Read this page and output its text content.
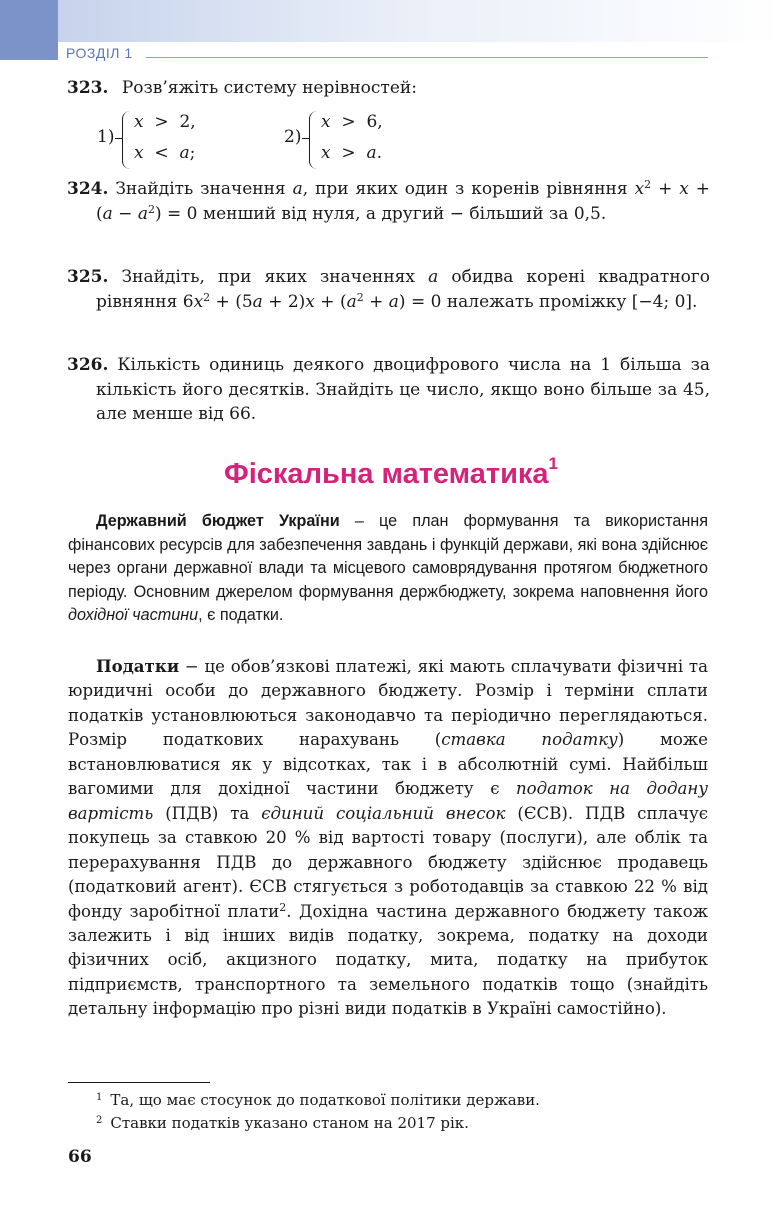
РОЗДІЛ 1
323. Розв’яжіть систему нерівностей:
1)
x > 2,
x < a;
2)
x > 6,
x > a.
324. Знайдіть значення a, при яких один з коренів рівняння $x^2 + x + (a - a^2) = 0$ менший від нуля, а другий − більший за 0,5.
325. Знайдіть, при яких значеннях a обидва корені квадратного рівняння $6x^2 + (5a + 2)x + (a^2 + a) = 0$ належать проміжку [−4; 0].
326. Кількість одиниць деякого двоцифрового числа на 1 більша за кількість його десятків. Знайдіть це число, якщо воно більше за 45, але менше від 66.
Фіскальна математика$^1$
Державний бюджет України – це план формування та використання фінансових ресурсів для забезпечення завдань і функцій держави, які вона здійснює через органи державної влади та місцевого самоврядування протягом бюджетного періоду. Основним джерелом формування держбюджету, зокрема наповнення його дохідної частини, є податки.
Податки − це обов’язкові платежі, які мають сплачувати фізичні та юридичні особи до державного бюджету. Розмір і терміни сплати податків установлюються законодавчо та періодично переглядаються. Розмір податкових нарахувань (ставка податку) може встановлюватися як у відсотках, так і в абсолютній сумі. Найбільш вагомими для дохідної частини бюджету є податок на додану вартість (ПДВ) та єдиний соціальний внесок (ЄСВ). ПДВ сплачує покупець за ставкою 20 % від вартості товару (послуги), але облік та перерахування ПДВ до державного бюджету здійснює продавець (податковий агент). ЄСВ стягується з роботодавців за ставкою 22 % від фонду заробітної плати$^2$. Дохідна частина державного бюджету також залежить і від інших видів податку, зокрема, податку на доходи фізичних осіб, акцизного податку, мита, податку на прибуток підприємств, транспортного та земельного податків тощо (знайдіть детальну інформацію про різні види податків в Україні самостійно).
$^1$ Та, що має стосунок до податкової політики держави.
$^2$ Ставки податків указано станом на 2017 рік.
66
